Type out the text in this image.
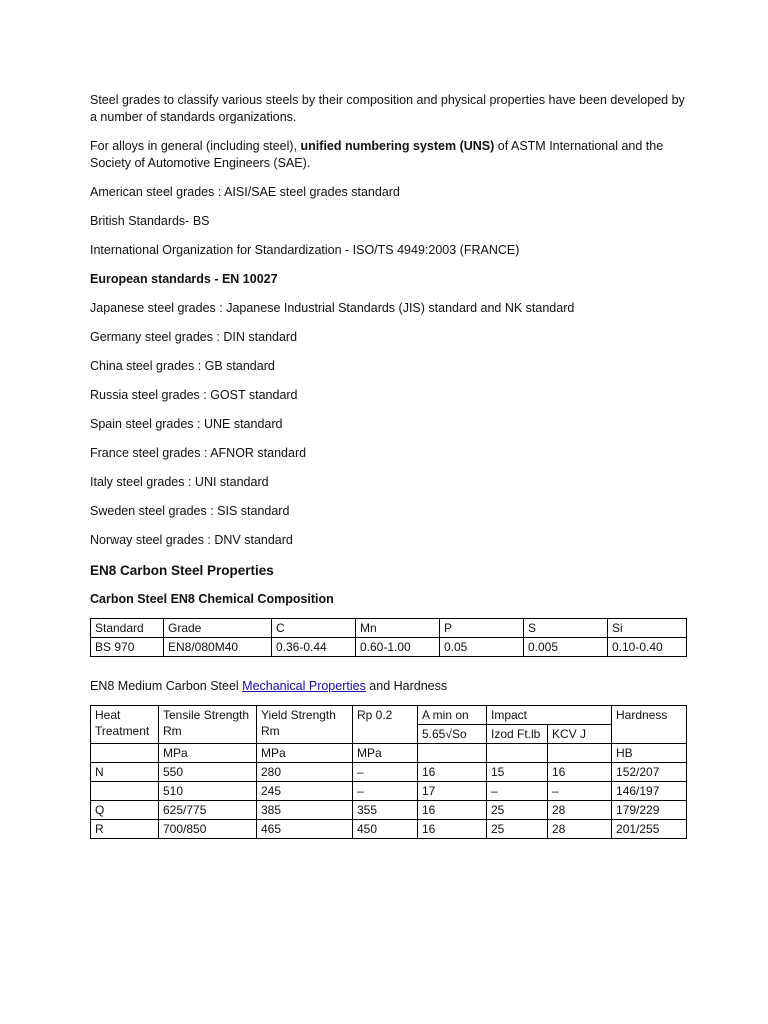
Steel grades to classify various steels by their composition and physical properties have been developed by a number of standards organizations.

For alloys in general (including steel), unified numbering system (UNS) of ASTM International and the Society of Automotive Engineers (SAE).

American steel grades : AISI/SAE steel grades standard

British Standards- BS

International Organization for Standardization - ISO/TS 4949:2003 (FRANCE)

European standards - EN 10027

Japanese steel grades : Japanese Industrial Standards (JIS) standard and NK standard

Germany steel grades : DIN standard

China steel grades : GB standard

Russia steel grades : GOST standard

Spain steel grades : UNE standard

France steel grades : AFNOR standard

Italy steel grades : UNI standard

Sweden steel grades : SIS standard

Norway steel grades : DNV standard

EN8 Carbon Steel Properties
Carbon Steel EN8 Chemical Composition
Standard	Grade	C	Mn	P	S	Si
BS 970	EN8/080M40	0.36-0.44	0.60-1.00	0.05	0.005	0.10-0.40
EN8 Medium Carbon Steel Mechanical Properties and Hardness
Heat Treatment	Tensile Strength Rm	Yield Strength Rm	Rp 0.2	A min on	Impact		Hardness
				5.65√So	Izod Ft.lb	KCV J	
	MPa	MPa	MPa				HB
N	550	280	–	16	15	16	152/207
	510	245	–	17	–	–	146/197
Q	625/775	385	355	16	25	28	179/229
R	700/850	465	450	16	25	28	201/255
